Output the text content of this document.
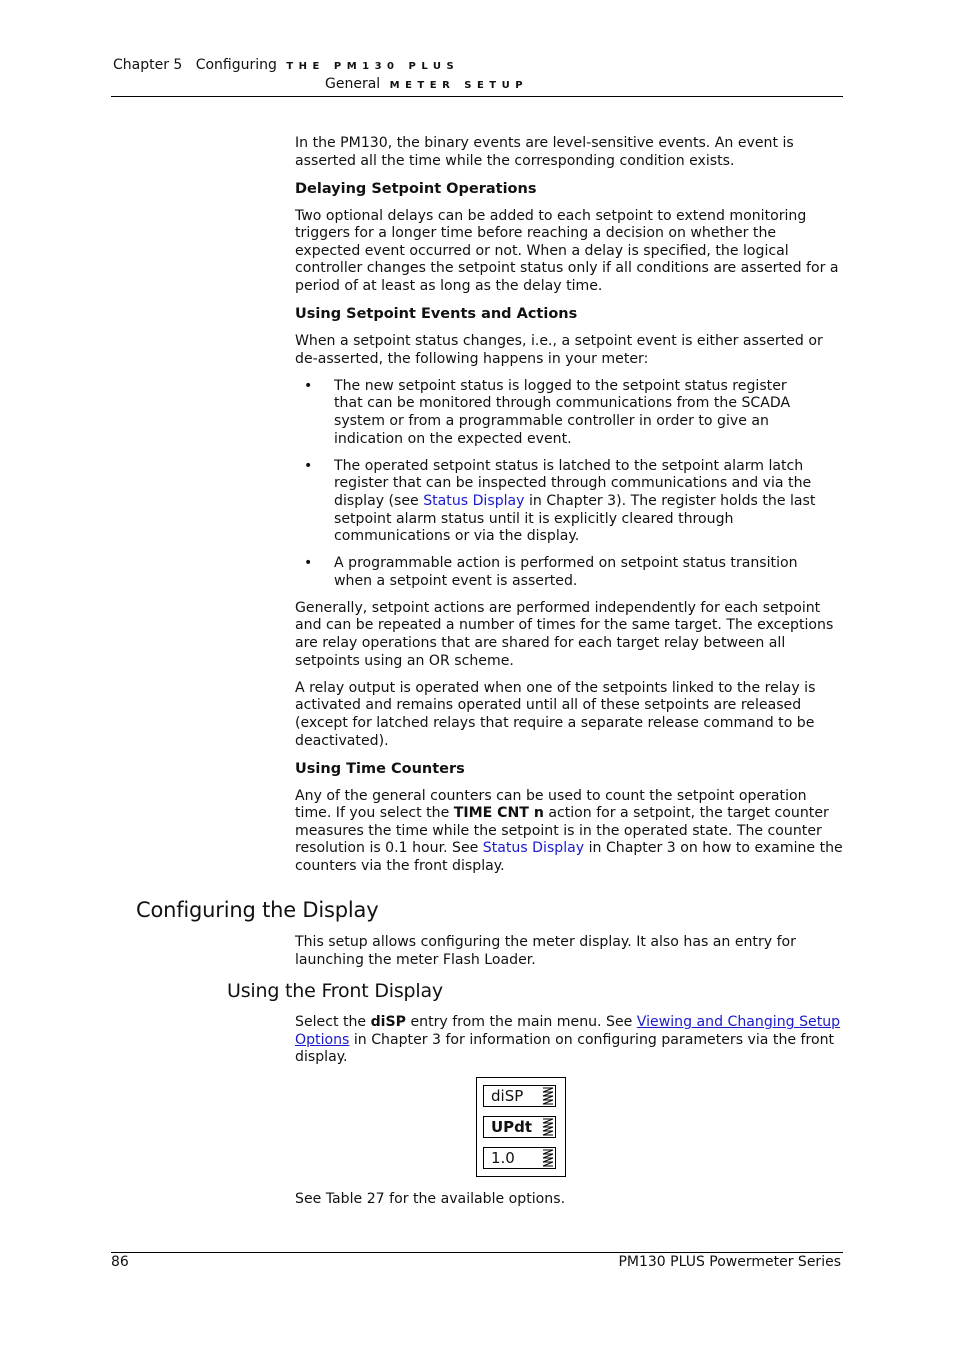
Chapter 5 Configuring THE PM130 PLUS
General METER SETUP

In the PM130, the binary events are level-sensitive events. An event is asserted all the time while the corresponding condition exists.

Delaying Setpoint Operations

Two optional delays can be added to each setpoint to extend monitoring triggers for a longer time before reaching a decision on whether the expected event occurred or not. When a delay is specified, the logical controller changes the setpoint status only if all conditions are asserted for a period of at least as long as the delay time.

Using Setpoint Events and Actions

When a setpoint status changes, i.e., a setpoint event is either asserted or de-asserted, the following happens in your meter:

• The new setpoint status is logged to the setpoint status register that can be monitored through communications from the SCADA system or from a programmable controller in order to give an indication on the expected event.
• The operated setpoint status is latched to the setpoint alarm latch register that can be inspected through communications and via the display (see Status Display in Chapter 3). The register holds the last setpoint alarm status until it is explicitly cleared through communications or via the display.
• A programmable action is performed on setpoint status transition when a setpoint event is asserted.

Generally, setpoint actions are performed independently for each setpoint and can be repeated a number of times for the same target. The exceptions are relay operations that are shared for each target relay between all setpoints using an OR scheme.

A relay output is operated when one of the setpoints linked to the relay is activated and remains operated until all of these setpoints are released (except for latched relays that require a separate release command to be deactivated).

Using Time Counters

Any of the general counters can be used to count the setpoint operation time. If you select the TIME CNT n action for a setpoint, the target counter measures the time while the setpoint is in the operated state. The counter resolution is 0.1 hour. See Status Display in Chapter 3 on how to examine the counters via the front display.

Configuring the Display

This setup allows configuring the meter display. It also has an entry for launching the meter Flash Loader.

Using the Front Display

Select the diSP entry from the main menu. See Viewing and Changing Setup Options in Chapter 3 for information on configuring parameters via the front display.

diSP
UPdt
1.0

See Table 27 for the available options.

86	PM130 PLUS Powermeter Series
